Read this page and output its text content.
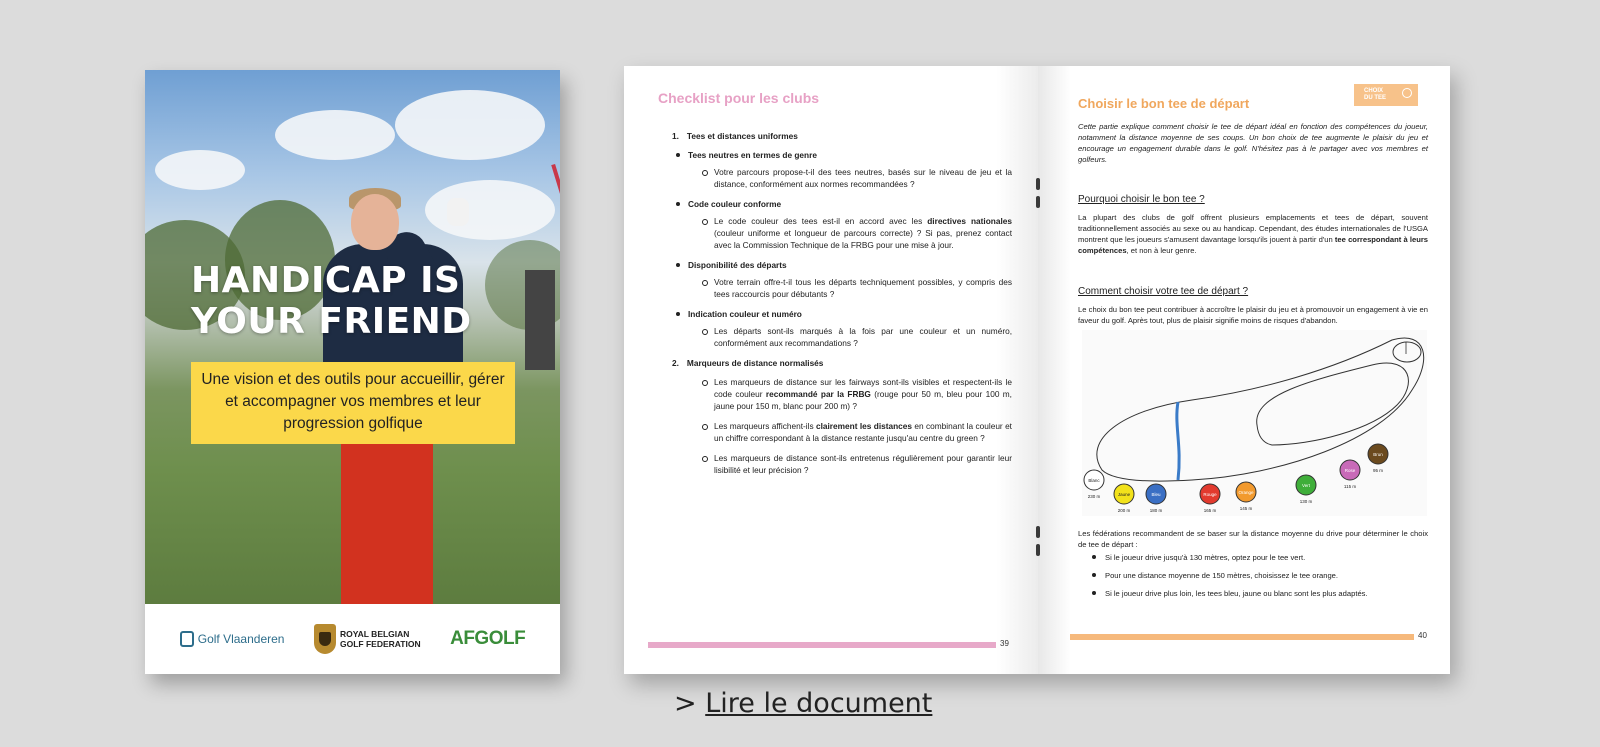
HANDICAP IS
YOUR FRIEND
Une vision et des outils pour accueillir, gérer et accompagner vos membres et leur progression golfique
Golf Vlaanderen	ROYAL BELGIAN
GOLF FEDERATION AFGOLF
Checklist pour les clubs
1. Tees et distances uniformes
Tees neutres en termes de genre
Votre parcours propose-t-il des tees neutres, basés sur le niveau de jeu et la distance, conformément aux normes recommandées ?
Code couleur conforme
Le code couleur des tees est-il en accord avec les directives nationales (couleur uniforme et longueur de parcours correcte) ? Si pas, prenez contact avec la Commission Technique de la FRBG pour une mise à jour.
Disponibilité des départs
Votre terrain offre-t-il tous les départs techniquement possibles, y compris des tees raccourcis pour débutants ?
Indication couleur et numéro
Les départs sont-ils marqués à la fois par une couleur et un numéro, conformément aux recommandations ?
2. Marqueurs de distance normalisés
Les marqueurs de distance sur les fairways sont-ils visibles et respectent-ils le code couleur recommandé par la FRBG (rouge pour 50 m, bleu pour 100 m, jaune pour 150 m, blanc pour 200 m) ?
Les marqueurs affichent-ils clairement les distances en combinant la couleur et un chiffre correspondant à la distance restante jusqu'au centre du green ?
Les marqueurs de distance sont-ils entretenus régulièrement pour garantir leur lisibilité et leur précision ?
39
Choisir le bon tee de départ
CHOIX
DU TEE
Cette partie explique comment choisir le tee de départ idéal en fonction des compétences du joueur, notamment la distance moyenne de ses coups. Un bon choix de tee augmente le plaisir du jeu et encourage un engagement durable dans le golf. N'hésitez pas à le partager avec vos membres et golfeurs.
Pourquoi choisir le bon tee ?
La plupart des clubs de golf offrent plusieurs emplacements et tees de départ, souvent traditionnellement associés au sexe ou au handicap. Cependant, des études internationales de l'USGA montrent que les joueurs s'amusent davantage lorsqu'ils jouent à partir d'un tee correspondant à leurs compétences, et non à leur genre.
Comment choisir votre tee de départ ?
Le choix du bon tee peut contribuer à accroître le plaisir du jeu et à promouvoir un engagement à vie en faveur du golf. Après tout, plus de plaisir signifie moins de risques d'abandon.
Blanc
230 m	Jaune
200 m
Bleu
180 m
Rouge
165 m
Orange
145 m
Vert
130 m
Rose
115 m
Brun
95 m
Les fédérations recommandent de se baser sur la distance moyenne du drive pour déterminer le choix de tee de départ :
Si le joueur drive jusqu'à 130 mètres, optez pour le tee vert.
Pour une distance moyenne de 150 mètres, choisissez le tee orange.
Si le joueur drive plus loin, les tees bleu, jaune ou blanc sont les plus adaptés.
40
> Lire le document
